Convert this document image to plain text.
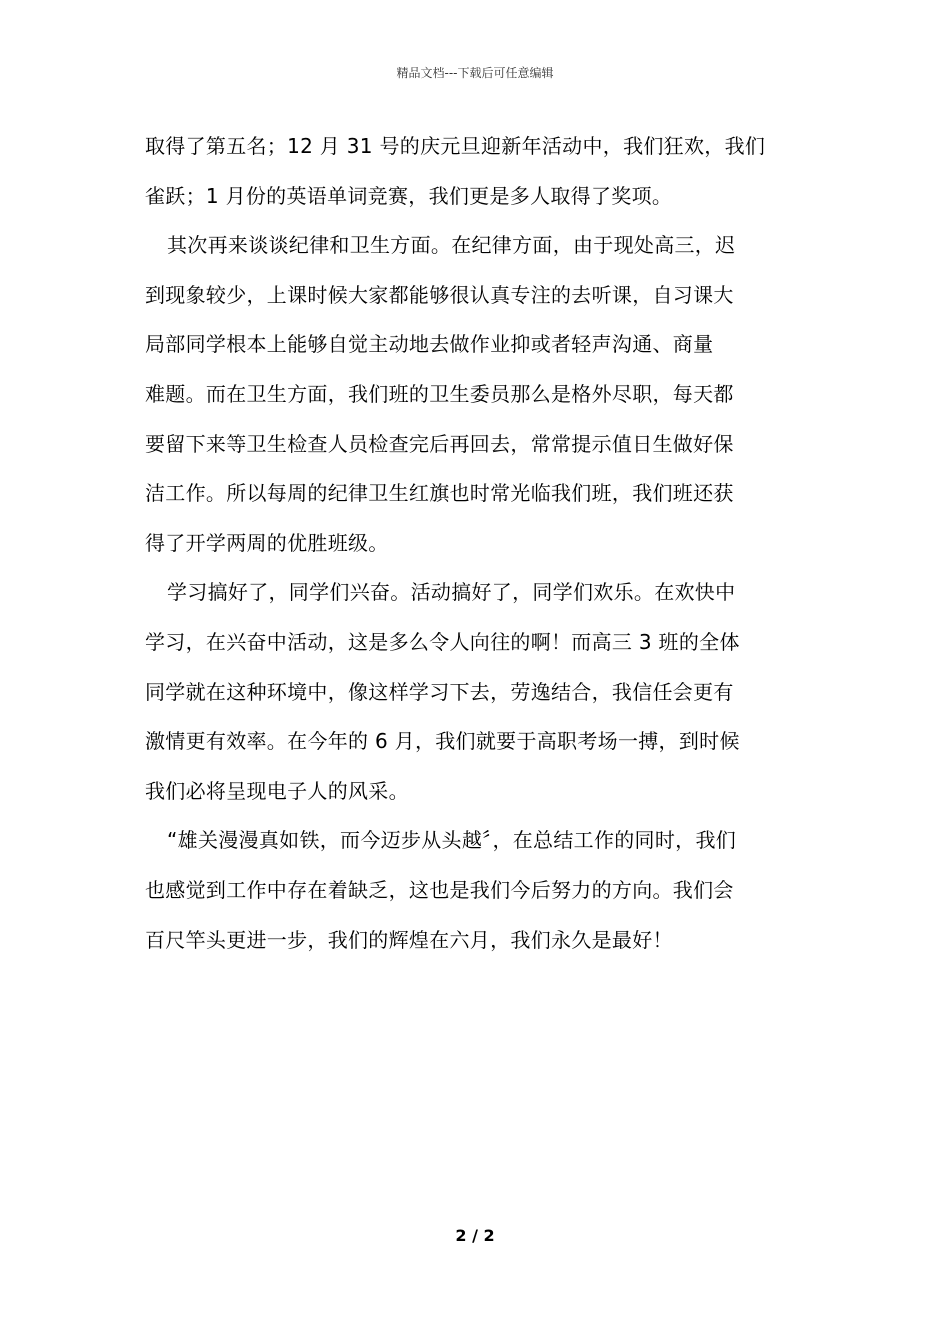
精品文档---下载后可任意编辑
取得了第五名；12 月 31 号的庆元旦迎新年活动中，我们狂欢，我们
雀跃；1 月份的英语单词竞赛，我们更是多人取得了奖项。
其次再来谈谈纪律和卫生方面。在纪律方面，由于现处高三，迟
到现象较少，上课时候大家都能够很认真专注的去听课，自习课大
局部同学根本上能够自觉主动地去做作业抑或者轻声沟通、商量
难题。而在卫生方面，我们班的卫生委员那么是格外尽职，每天都
要留下来等卫生检查人员检查完后再回去，常常提示值日生做好保
洁工作。所以每周的纪律卫生红旗也时常光临我们班，我们班还获
得了开学两周的优胜班级。
学习搞好了，同学们兴奋。活动搞好了，同学们欢乐。在欢快中
学习，在兴奋中活动，这是多么令人向往的啊！而高三 3 班的全体
同学就在这种环境中，像这样学习下去，劳逸结合，我信任会更有
激情更有效率。在今年的 6 月，我们就要于高职考场一搏，到时候
我们必将呈现电子人的风采。
“雄关漫漫真如铁，而今迈步从头越〞，在总结工作的同时，我们
也感觉到工作中存在着缺乏，这也是我们今后努力的方向。我们会
百尺竿头更进一步，我们的辉煌在六月，我们永久是最好！
2 / 2
